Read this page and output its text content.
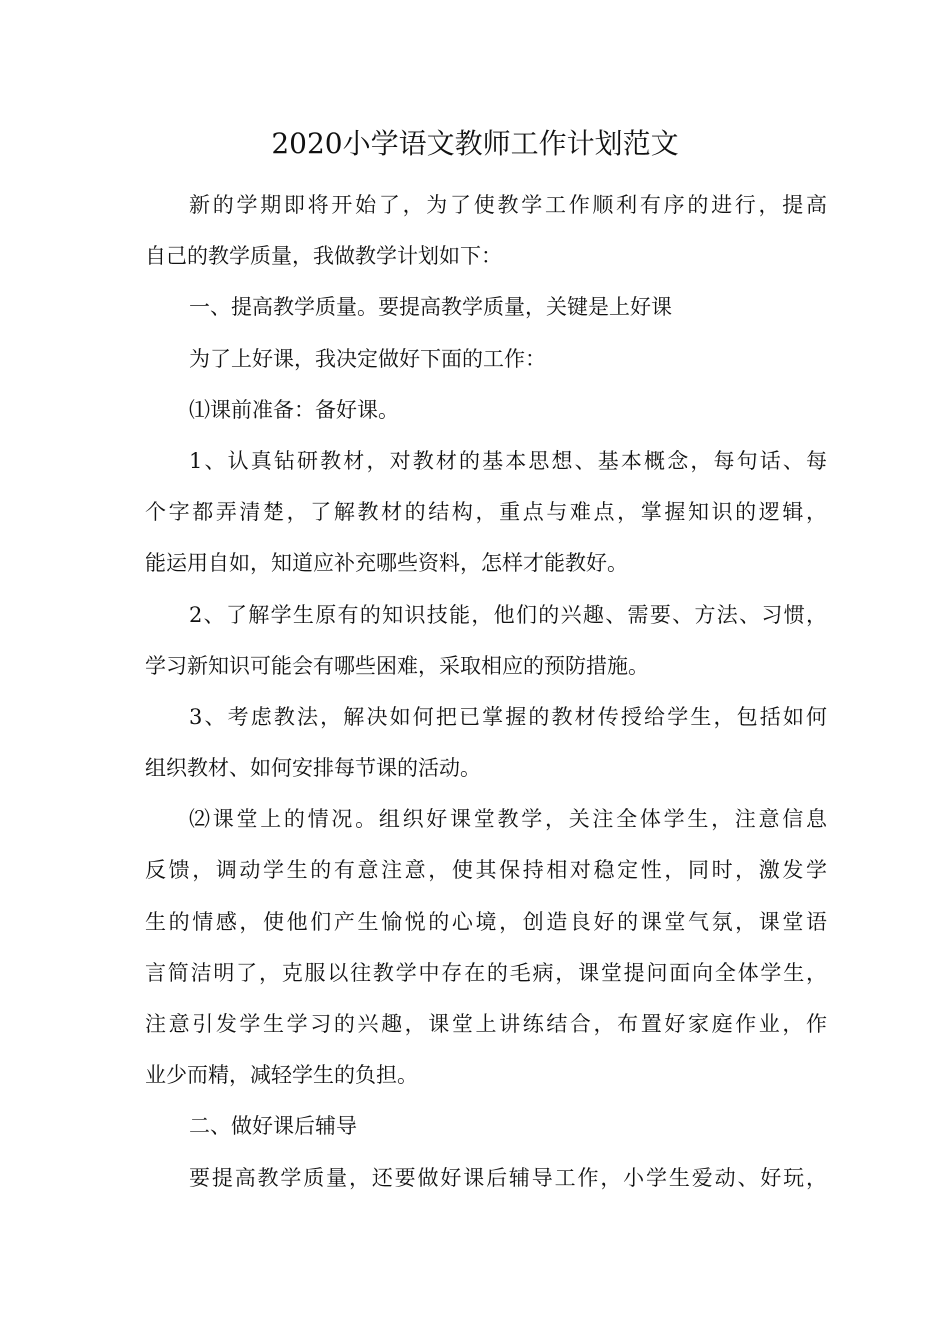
2020小学语文教师工作计划范文
新的学期即将开始了，为了使教学工作顺利有序的进行，提高
自己的教学质量，我做教学计划如下：
一、提高教学质量。要提高教学质量，关键是上好课
为了上好课，我决定做好下面的工作：
⑴课前准备：备好课。
1、认真钻研教材，对教材的基本思想、基本概念，每句话、每
个字都弄清楚，了解教材的结构，重点与难点，掌握知识的逻辑，
能运用自如，知道应补充哪些资料，怎样才能教好。
2、了解学生原有的知识技能，他们的兴趣、需要、方法、习惯，
学习新知识可能会有哪些困难，采取相应的预防措施。
3、考虑教法，解决如何把已掌握的教材传授给学生，包括如何
组织教材、如何安排每节课的活动。
⑵课堂上的情况。组织好课堂教学，关注全体学生，注意信息
反馈，调动学生的有意注意，使其保持相对稳定性，同时，激发学
生的情感，使他们产生愉悦的心境，创造良好的课堂气氛，课堂语
言简洁明了，克服以往教学中存在的毛病，课堂提问面向全体学生，
注意引发学生学习的兴趣，课堂上讲练结合，布置好家庭作业，作
业少而精，减轻学生的负担。
二、做好课后辅导
要提高教学质量，还要做好课后辅导工作，小学生爱动、好玩，
